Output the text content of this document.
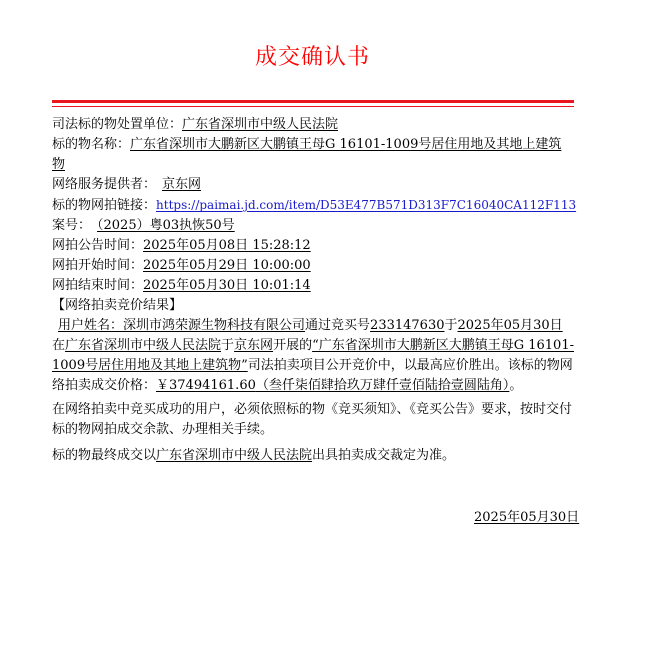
成交确认书
司法标的物处置单位：广东省深圳市中级人民法院
标的物名称：广东省深圳市大鹏新区大鹏镇王母G 16101-1009号居住用地及其地上建筑物
网络服务提供者： 京东网
标的物网拍链接：https://paimai.jd.com/item/D53E477B571D313F7C16040CA112F113
案号： （2025）粤03执恢50号
网拍公告时间：2025年05月08日 15:28:12
网拍开始时间：2025年05月29日 10:00:00
网拍结束时间：2025年05月30日 10:01:14
【网络拍卖竞价结果】
用户姓名：深圳市鸿荣源生物科技有限公司通过竞买号233147630于2025年05月30日在广东省深圳市中级人民法院于京东网开展的“广东省深圳市大鹏新区大鹏镇王母G 16101-1009号居住用地及其地上建筑物”司法拍卖项目公开竞价中，以最高应价胜出。该标的物网络拍卖成交价格：￥37494161.60（叁仟柒佰肆拾玖万肆仟壹佰陆拾壹圆陆角）。
在网络拍卖中竞买成功的用户，必须依照标的物《竞买须知》、《竞买公告》要求，按时交付标的物网拍成交余款、办理相关手续。
标的物最终成交以广东省深圳市中级人民法院出具拍卖成交裁定为准。
2025年05月30日
